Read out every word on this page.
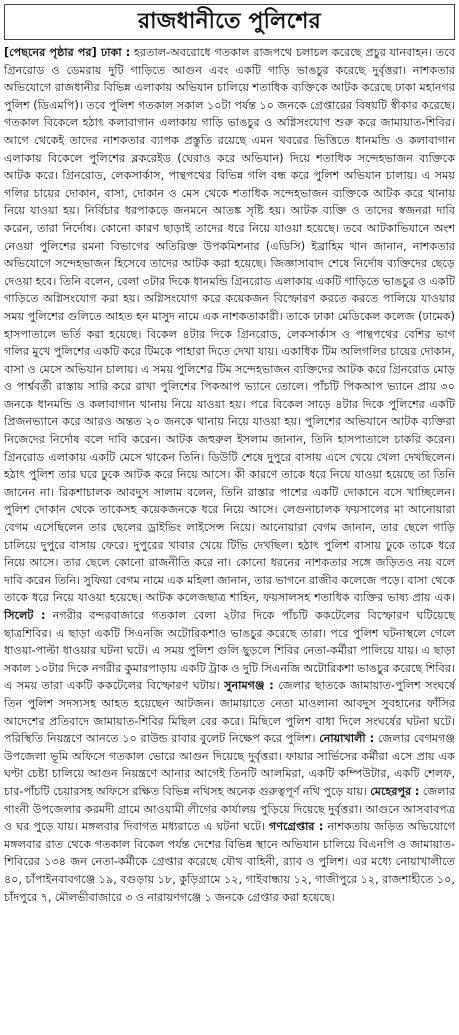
রাজধানীতে পুলিশের

[পেছনের পৃষ্ঠার পর] ঢাকা : হরতাল-অবরোধে গতকাল রাজপথে চলাচল করেছে প্রচুর যানবাহন। তবে গ্রিনরোড ও ডেমরায় দুটি গাড়িতে আগুন এবং একটি গাড়ি ভাঙচুর করেছে দুর্বৃত্তরা। নাশকতার অভিযোগে রাজধানীর বিভিন্ন এলাকায় অভিযান চালিয়ে শতাধিক ব্যক্তিকে আটক করেছে ঢাকা মহানগর পুলিশ (ডিএমপি)। তবে পুলিশ গতকাল সকাল ১০টা পর্যন্ত ১০ জনকে গ্রেপ্তারের বিষয়টি স্বীকার করেছে। গতকাল বিকেলে হঠাৎ কলাবাগান এলাকায় গাড়ি ভাঙচুর ও অগ্নিসংযোগ শুরু করে জামায়াত-শিবির। আগে থেকেই তাদের নাশকতার ব্যাপক প্রস্তুতি রয়েছে এমন খবরের ভিত্তিতে ধানমন্ডি ও কলাবাগান এলাকায় বিকেলে পুলিশের ব্লকরেইড (ঘেরাও করে অভিযান) দিয়ে শতাধিক সন্দেহভাজন ব্যক্তিকে আটক করে। গ্রিনরোড, লেকসার্কাস, পান্থপথের বিভিন্ন গলি বন্ধ করে পুলিশ অভিযান চালায়। এ সময় গলির চায়ের দোকান, বাসা, দোকান ও মেস থেকে শতাধিক সন্দেহভাজন ব্যক্তিকে আটক করে থানায় নিয়ে যাওয়া হয়। নির্বিচার ধরপাকড়ে জনমনে আতঙ্ক সৃষ্টি হয়। আটক ব্যক্তি ও তাদের স্বজনরা দাবি করেন, তারা নির্দোষ। কোনো কারণ ছাড়াই তাদের ধরে নিয়ে যাওয়া হয়েছে। তবে আটকাভিযানে অংশ নেওয়া পুলিশের রমনা বিভাগের অতিরিক্ত উপকমিশনার (এডিসি) ইব্রাহিম খান জানান, নাশকতার অভিযোগে সন্দেহভাজন হিসেবে তাদের আটক করা হয়েছে। জিজ্ঞাসাবাদ শেষে নির্দোষ ব্যক্তিদের ছেড়ে দেওয়া হবে। তিনি বলেন, বেলা ৩টার দিকে ধানমন্ডি গ্রিনরোড এলাকায় একটি গাড়িতে ভাঙচুর ও একটি গাড়িতে অগ্নিসংযোগ করা হয়। অগ্নিসংযোগ করে কয়েকজন বিস্ফোরণ করতে করতে পালিয়ে যাওয়ার সময় পুলিশের গুলিতে আহত হন মাসুদ নামে এক নাশকতাকারী। তাকে ঢাকা মেডিকেল কলেজ (ঢামেক) হাসপাতালে ভর্তি করা হয়েছে। বিকেল ৪টার দিকে গ্রিনরোড, লেকসার্কাস ও পান্থপথের বেশির ভাগ গলির মুখে পুলিশের একটি করে টিমকে পাহারা দিতে দেখা যায়। একাধিক টিম অলিগলির চায়ের দোকান, বাসা ও মেসে অভিযান চালায়। এ সময় পুলিশের টিম সন্দেহভাজন ব্যক্তিদের আটক করে গ্রিনরোড মোড় ও পার্শ্ববর্তী রাস্তায় সারি করে রাখা পুলিশের পিকআপ ভ্যানে তোলে। পাঁচটি পিকআপ ভ্যানে প্রায় ৩০ জনকে ধানমন্ডি ও কলাবাগান থানায় নিয়ে যাওয়া হয়। পরে বিকেল সাড়ে ৪টার দিকে পুলিশের একটি প্রিজনভ্যানে করে আরও অন্তত ২০ জনকে থানায় নিয়ে যাওয়া হয়। পুলিশের অভিযানে আটক ব্যক্তিরা নিজেদের নির্দোষ বলে দাবি করেন। আটক জহুরুল ইসলাম জানান, তিনি হাসপাতালে চাকরি করেন। গ্রিনরোড এলাকায় একটি মেসে থাকেন তিনি। ডিউটি শেষে দুপুরে বাসায় এসে খেয়ে খেলা দেখছিলেন। হঠাৎ পুলিশ তার ঘরে ঢুকে আটক করে নিয়ে আসে। কী কারণে তাকে ধরে নিয়ে যাওয়া হয়েছে তা তিনি জানেন না। রিকশাচালক আবদুস সালাম বলেন, তিনি রাস্তার পাশের একটি দোকানে বসে খাচ্ছিলেন। পুলিশ দোকান থেকে তাকেসহ কয়েকজনকে ধরে নিয়ে আসে। লেগুনাচালক ফয়সালের মা আনোয়ারা বেগম এসেছিলেন তার ছেলের ড্রাইভিং লাইসেন্স নিয়ে। আনোয়ারা বেগম জানান, তার ছেলে গাড়ি চালিয়ে দুপুরে বাসায় ফেরে। দুপুরের খাবার খেয়ে টিভি দেখছিল। হঠাৎ পুলিশ বাসায় ঢুকে তাকে ধরে নিয়ে আসে। তার ছেলে কোনো রাজনীতি করে না। কোনো ধরনের নাশকতার সঙ্গে জড়িতও নয় বলে দাবি করেন তিনি। সুফিয়া বেগম নামে এক মহিলা জানান, তার ভাগনে রাজীব কলেজে পড়ে। বাসা থেকে তাকে ধরে নিয়ে যাওয়া হয়েছে। আটক কলেজছাত্র শাহিন, ফয়সালসহ শতাধিক ব্যক্তির ভাষ্য প্রায় এক। সিলেট : নগরীর বন্দরবাজারে গতকাল বেলা ২টার দিকে পাঁচটি ককটেলের বিস্ফোরণ ঘটিয়েছে ছাত্রশিবির। এ ছাড়া একটি সিএনজি অটোরিকশাও ভাঙচুর করেছে তারা। পরে পুলিশ ঘটনাস্থলে গেলে ধাওয়া-পাল্টা ধাওয়ার ঘটনা ঘটে। এ সময় পুলিশ গুলি ছুড়লে শিবির নেতা-কর্মীরা পালিয়ে যায়। এ ছাড়া সকাল ১০টার দিকে নগরীর কুমারপাড়ায় একটি ট্রাক ও দুটি সিএনজি অটোরিকশা ভাঙচুর করেছে শিবির। এ সময় তারা একটি ককটেলের বিস্ফোরণ ঘটায়। সুনামগঞ্জ : জেলার ছাতকে জামায়াত-পুলিশ সংঘর্ষে তিন পুলিশ সদস্যসহ আহত হয়েছেন আটজন। জামায়াতে নেতা মাওলানা আবদুস সুবহানের ফাঁসির আদেশের প্রতিবাদে জামায়াত-শিবির মিছিল বের করে। মিছিলে পুলিশ বাধা দিলে সংঘর্ষের ঘটনা ঘটে। পরিস্থিতি নিয়ন্ত্রণে আনতে ১০ রাউন্ড রাবার বুলেট নিক্ষেপ করে পুলিশ। নোয়াখালী : জেলার বেগমগঞ্জ উপজেলা ভূমি অফিসে গতকাল ভোরে আগুন দিয়েছে দুর্বৃত্তরা। ফায়ার সার্ভিসের কর্মীরা এসে প্রায় এক ঘণ্টা চেষ্টা চালিয়ে আগুন নিয়ন্ত্রণে আনার আগেই তিনটি আলমিরা, একটি কম্পিউটার, একটি শেলফ, চার-পাঁচটি চেয়ারসহ অফিসে রক্ষিত বিভিন্ন নথিসহ অনেক গুরুত্বপূর্ণ নথি পুড়ে যায়। মেহেরপুর : জেলার গাংনী উপজেলার করমদী গ্রামে আওয়ামী লীগের কার্যালয় পুড়িয়ে দিয়েছে দুর্বৃত্তরা। আগুনে আসবাবপত্র ও ঘর পুড়ে যায়। মঙ্গলবার দিবাগত মধ্যরাতে এ ঘটনা ঘটে। গণগ্রেপ্তার : নাশকতায় জড়িত অভিযোগে মঙ্গলবার রাত থেকে গতকাল বিকেল পর্যন্ত দেশের বিভিন্ন স্থানে অভিযান চালিয়ে বিএনপি ও জামায়াত-শিবিরের ১৩৪ জন নেতা-কর্মীকে গ্রেপ্তার করেছে যৌথ বাহিনী, র‌্যাব ও পুলিশ। এর মধ্যে নোয়াখালীতে ৪০, চাঁপাইনবাবগঞ্জে ১৯, বগুড়ায় ১৮, কুড়িগ্রামে ১২, গাইবান্ধায় ১২, গাজীপুরে ১২, রাজশাহীতে ১০, চাঁদপুরে ৭, মৌলভীবাজারে ৩ ও নারায়ণগঞ্জে ১ জনকে গ্রেপ্তার করা হয়েছে।
